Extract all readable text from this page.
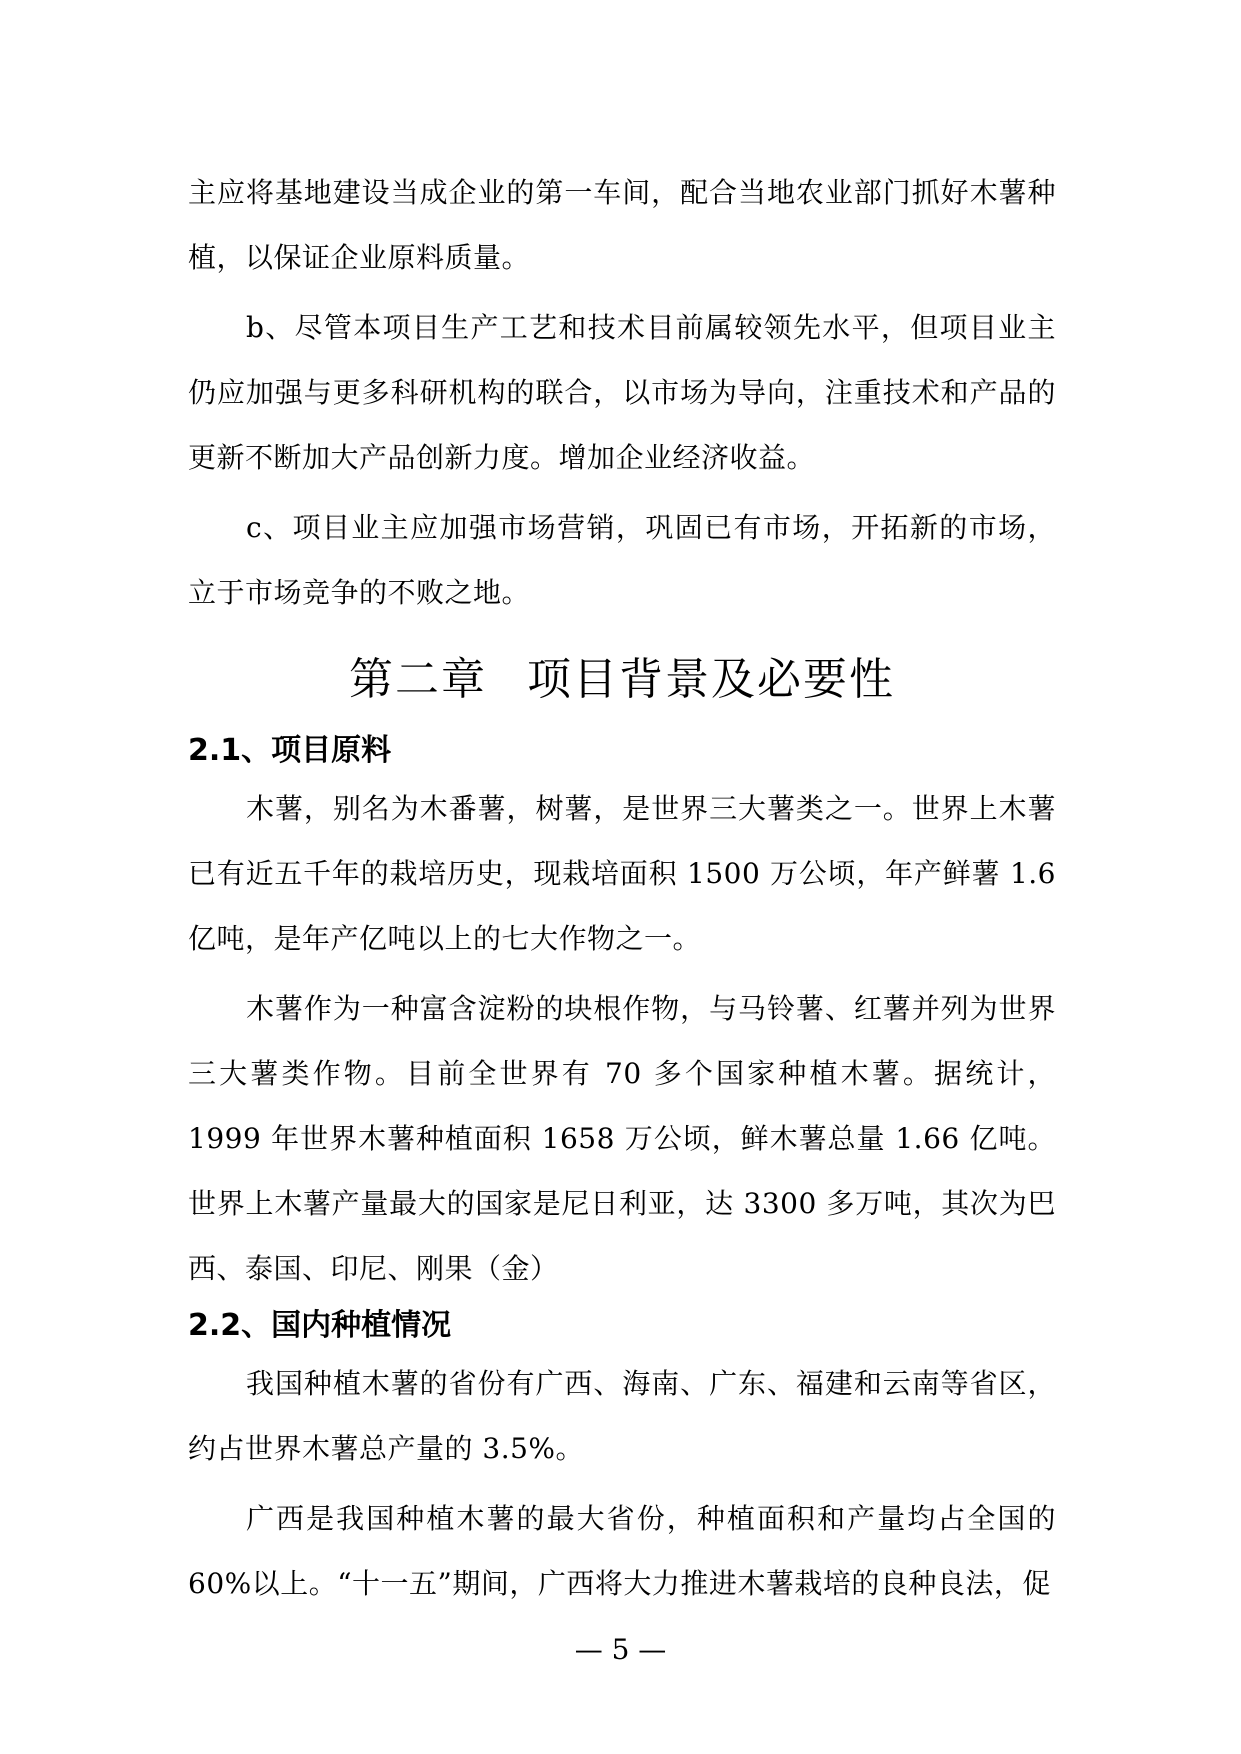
主应将基地建设当成企业的第一车间，配合当地农业部门抓好木薯种植，以保证企业原料质量。

b、尽管本项目生产工艺和技术目前属较领先水平，但项目业主仍应加强与更多科研机构的联合，以市场为导向，注重技术和产品的更新不断加大产品创新力度。增加企业经济收益。

c、项目业主应加强市场营销，巩固已有市场，开拓新的市场，立于市场竞争的不败之地。

第二章 项目背景及必要性
2.1、项目原料

木薯，别名为木番薯，树薯，是世界三大薯类之一。世界上木薯已有近五千年的栽培历史，现栽培面积 1500 万公顷，年产鲜薯 1.6 亿吨，是年产亿吨以上的七大作物之一。

木薯作为一种富含淀粉的块根作物，与马铃薯、红薯并列为世界三大薯类作物。目前全世界有 70 多个国家种植木薯。据统计，1999 年世界木薯种植面积 1658 万公顷，鲜木薯总量 1.66 亿吨。世界上木薯产量最大的国家是尼日利亚，达 3300 多万吨，其次为巴西、泰国、印尼、刚果（金）

2.2、国内种植情况

我国种植木薯的省份有广西、海南、广东、福建和云南等省区，约占世界木薯总产量的 3.5%。

广西是我国种植木薯的最大省份，种植面积和产量均占全国的 60%以上。“十一五”期间，广西将大力推进木薯栽培的良种良法，促

— 5 —
